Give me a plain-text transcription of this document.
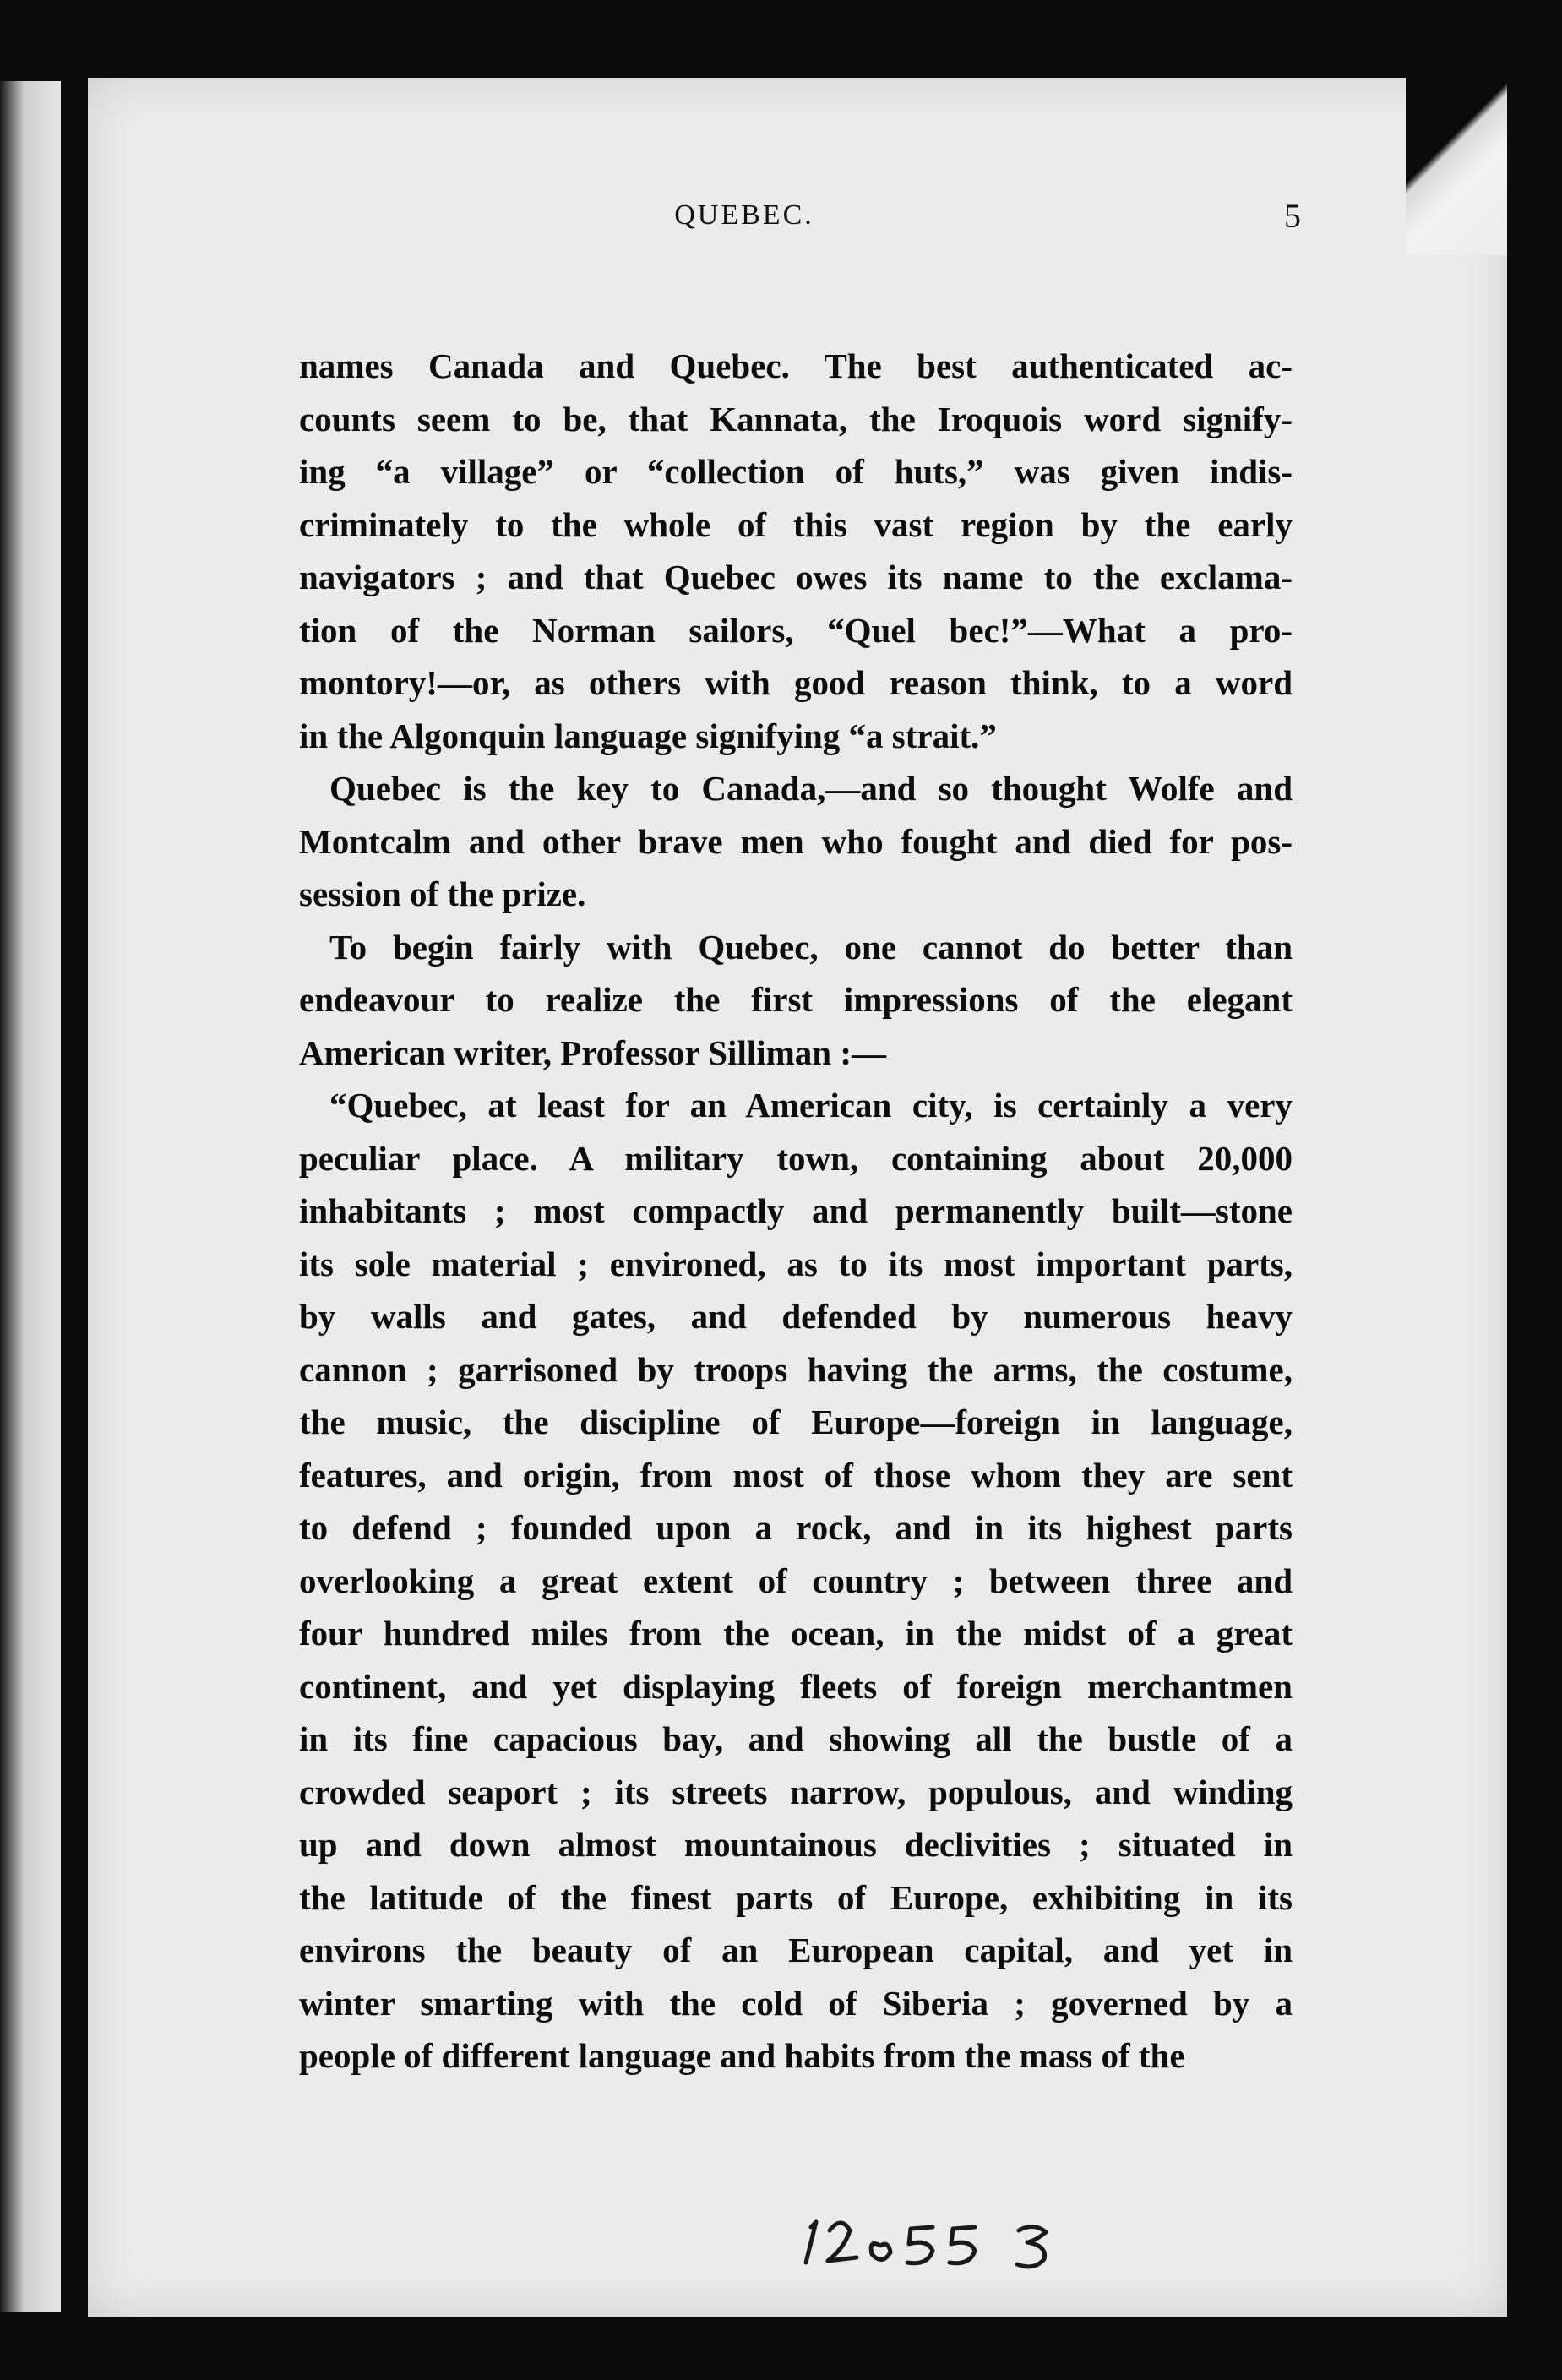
QUEBEC.	5
names Canada and Quebec. The best authenticated ac-
counts seem to be, that Kannata, the Iroquois word signify-
ing “a village” or “collection of huts,” was given indis-
criminately to the whole of this vast region by the early
navigators ; and that Quebec owes its name to the exclama-
tion of the Norman sailors, “Quel bec!”—What a pro-
montory!—or, as others with good reason think, to a word
in the Algonquin language signifying “a strait.”
Quebec is the key to Canada,—and so thought Wolfe and
Montcalm and other brave men who fought and died for pos-
session of the prize.
To begin fairly with Quebec, one cannot do better than
endeavour to realize the first impressions of the elegant
American writer, Professor Silliman :—
“Quebec, at least for an American city, is certainly a very
peculiar place. A military town, containing about 20,000
inhabitants ; most compactly and permanently built—stone
its sole material ; environed, as to its most important parts,
by walls and gates, and defended by numerous heavy
cannon ; garrisoned by troops having the arms, the costume,
the music, the discipline of Europe—foreign in language,
features, and origin, from most of those whom they are sent
to defend ; founded upon a rock, and in its highest parts
overlooking a great extent of country ; between three and
four hundred miles from the ocean, in the midst of a great
continent, and yet displaying fleets of foreign merchantmen
in its fine capacious bay, and showing all the bustle of a
crowded seaport ; its streets narrow, populous, and winding
up and down almost mountainous declivities ; situated in
the latitude of the finest parts of Europe, exhibiting in its
environs the beauty of an European capital, and yet in
winter smarting with the cold of Siberia ; governed by a
people of different language and habits from the mass of the
